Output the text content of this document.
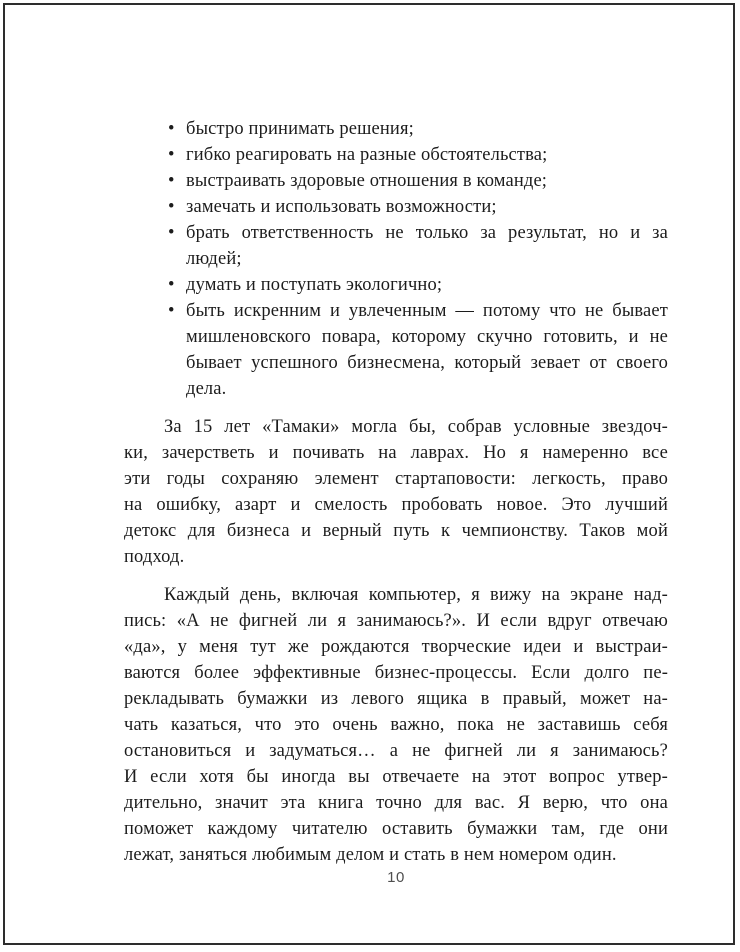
• быстро принимать решения;
• гибко реагировать на разные обстоятельства;
• выстраивать здоровые отношения в команде;
• замечать и использовать возможности;
• брать ответственность не только за результат, но и за
людей;
• думать и поступать экологично;
• быть искренним и увлеченным — потому что не бывает
мишленовского повара, которому скучно готовить, и не
бывает успешного бизнесмена, который зевает от своего
дела.
За 15 лет «Тамаки» могла бы, собрав условные звездоч-
ки, зачерстветь и почивать на лаврах. Но я намеренно все
эти годы сохраняю элемент стартаповости: легкость, право
на ошибку, азарт и смелость пробовать новое. Это лучший
детокс для бизнеса и верный путь к чемпионству. Таков мой
подход.
Каждый день, включая компьютер, я вижу на экране над-
пись: «А не фигней ли я занимаюсь?». И если вдруг отвечаю
«да», у меня тут же рождаются творческие идеи и выстраи-
ваются более эффективные бизнес-процессы. Если долго пе-
рекладывать бумажки из левого ящика в правый, может на-
чать казаться, что это очень важно, пока не заставишь себя
остановиться и задуматься… а не фигней ли я занимаюсь?
И если хотя бы иногда вы отвечаете на этот вопрос утвер-
дительно, значит эта книга точно для вас. Я верю, что она
поможет каждому читателю оставить бумажки там, где они
лежат, заняться любимым делом и стать в нем номером один.
10
